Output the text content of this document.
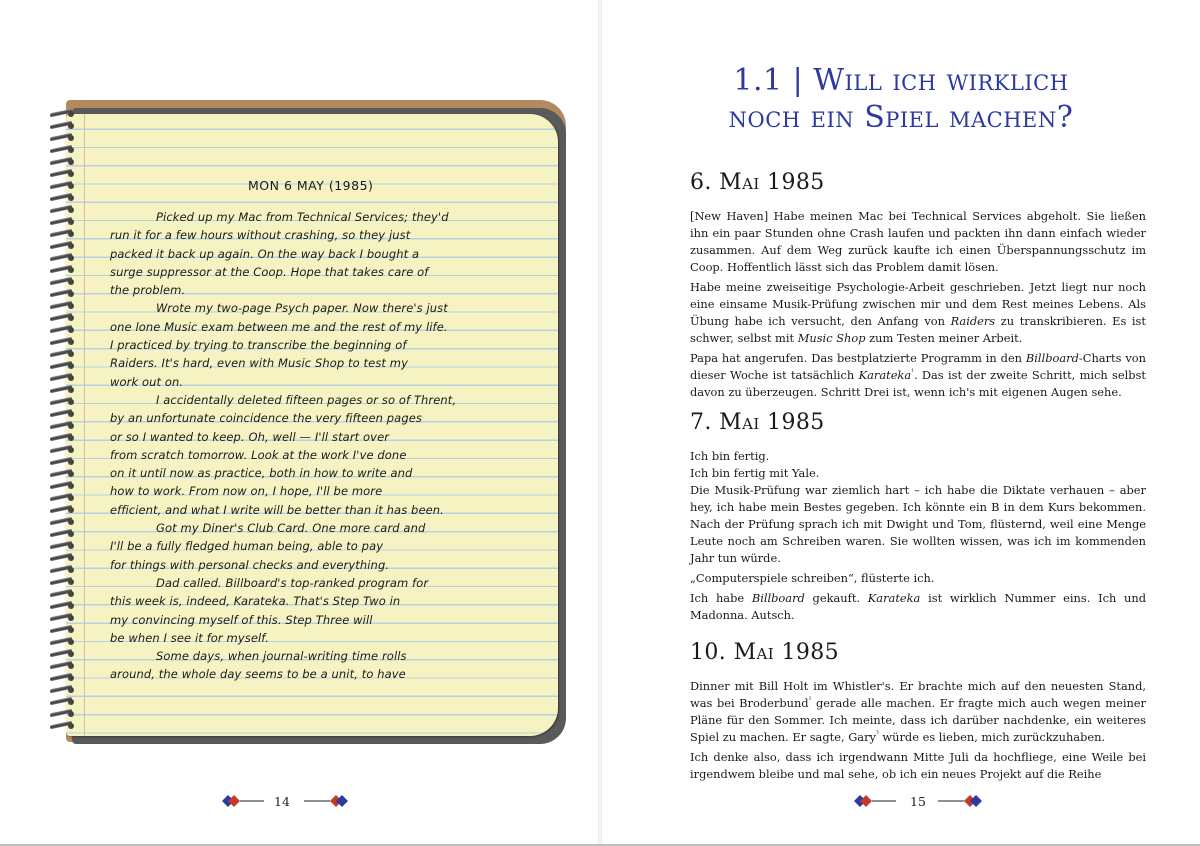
MON 6 MAY (1985)
Picked up my Mac from Technical Services; they'd
run it for a few hours without crashing, so they just
packed it back up again. On the way back I bought a
surge suppressor at the Coop. Hope that takes care of
the problem.
Wrote my two-page Psych paper. Now there's just
one lone Music exam between me and the rest of my life.
I practiced by trying to transcribe the beginning of
Raiders. It's hard, even with Music Shop to test my
work out on.
I accidentally deleted fifteen pages or so of Thrent,
by an unfortunate coincidence the very fifteen pages
or so I wanted to keep. Oh, well — I'll start over
from scratch tomorrow. Look at the work I've done
on it until now as practice, both in how to write and
how to work. From now on, I hope, I'll be more
efficient, and what I write will be better than it has been.
Got my Diner's Club Card. One more card and
I'll be a fully fledged human being, able to pay
for things with personal checks and everything.
Dad called. Billboard's top-ranked program for
this week is, indeed, Karateka. That's Step Two in
my convincing myself of this. Step Three will
be when I see it for myself.
Some days, when journal-writing time rolls
around, the whole day seems to be a unit, to have
14
1.1 | Will ich wirklich
noch ein Spiel machen?
6. Mai 1985

[New Haven] Habe meinen Mac bei Technical Services abgeholt. Sie ließen ihn ein paar Stunden ohne Crash laufen und packten ihn dann einfach wieder zusammen. Auf dem Weg zurück kaufte ich einen Überspannungsschutz im Coop. Hoffentlich lässt sich das Problem damit lösen.

Habe meine zweiseitige Psychologie-Arbeit geschrieben. Jetzt liegt nur noch eine einsame Musik-Prüfung zwischen mir und dem Rest meines Lebens. Als Übung habe ich versucht, den Anfang von Raiders zu transkribieren. Es ist schwer, selbst mit Music Shop zum Testen meiner Arbeit.

Papa hat angerufen. Das bestplatzierte Programm in den Billboard-Charts von dieser Woche ist tatsächlich Karateka$^{^1}$. Das ist der zweite Schritt, mich selbst davon zu überzeugen. Schritt Drei ist, wenn ich's mit eigenen Augen sehe.

7. Mai 1985

Ich bin fertig.

Ich bin fertig mit Yale.

Die Musik-Prüfung war ziemlich hart – ich habe die Diktate verhauen – aber hey, ich habe mein Bestes gegeben. Ich könnte ein B in dem Kurs bekommen. Nach der Prüfung sprach ich mit Dwight und Tom, flüsternd, weil eine Menge Leute noch am Schreiben waren. Sie wollten wissen, was ich im kommenden Jahr tun würde.

„Computerspiele schreiben“, flüsterte ich.

Ich habe Billboard gekauft. Karateka ist wirklich Nummer eins. Ich und Madonna. Autsch.

10. Mai 1985

Dinner mit Bill Holt im Whistler's. Er brachte mich auf den neuesten Stand, was bei Broderbund$^{^2}$ gerade alle machen. Er fragte mich auch wegen meiner Pläne für den Sommer. Ich meinte, dass ich darüber nachdenke, ein weiteres Spiel zu machen. Er sagte, Gary$^{^3}$ würde es lieben, mich zurückzuhaben.

Ich denke also, dass ich irgendwann Mitte Juli da hochfliege, eine Weile bei irgendwem bleibe und mal sehe, ob ich ein neues Projekt auf die Reihe

15
